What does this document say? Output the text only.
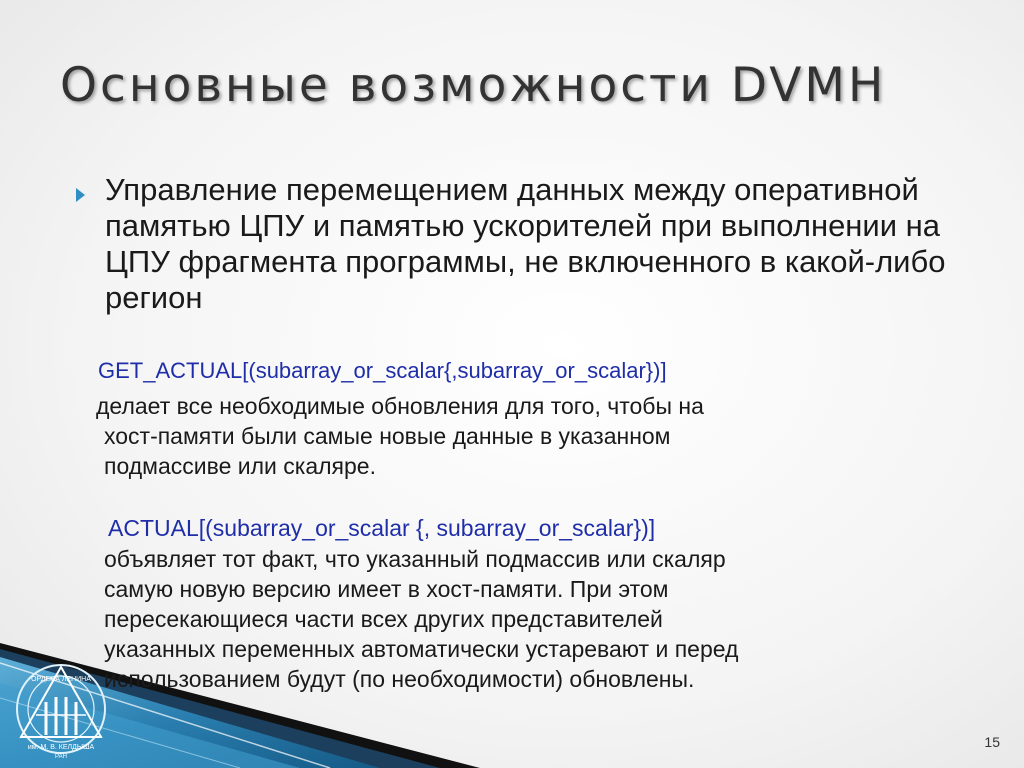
ОРДЕНА ЛЕНИНА
им. М. В. КЕЛДЫША
РАН
Основные возможности DVMH

Управление перемещением данных между оперативной памятью ЦПУ и памятью ускорителей при выполнении на ЦПУ фрагмента программы, не включенного в какой-либо регион

GET_ACTUAL[(subarray_or_scalar{,subarray_or_scalar})]

делает все необходимые обновления для того, чтобы на
хост-памяти были самые новые данные в указанном
подмассиве или скаляре.

ACTUAL[(subarray_or_scalar {, subarray_or_scalar})]

объявляет тот факт, что указанный подмассив или скаляр
самую новую версию имеет в хост-памяти. При этом
пересекающиеся части всех других представителей
указанных переменных автоматически устаревают и перед
использованием будут (по необходимости) обновлены.

15
